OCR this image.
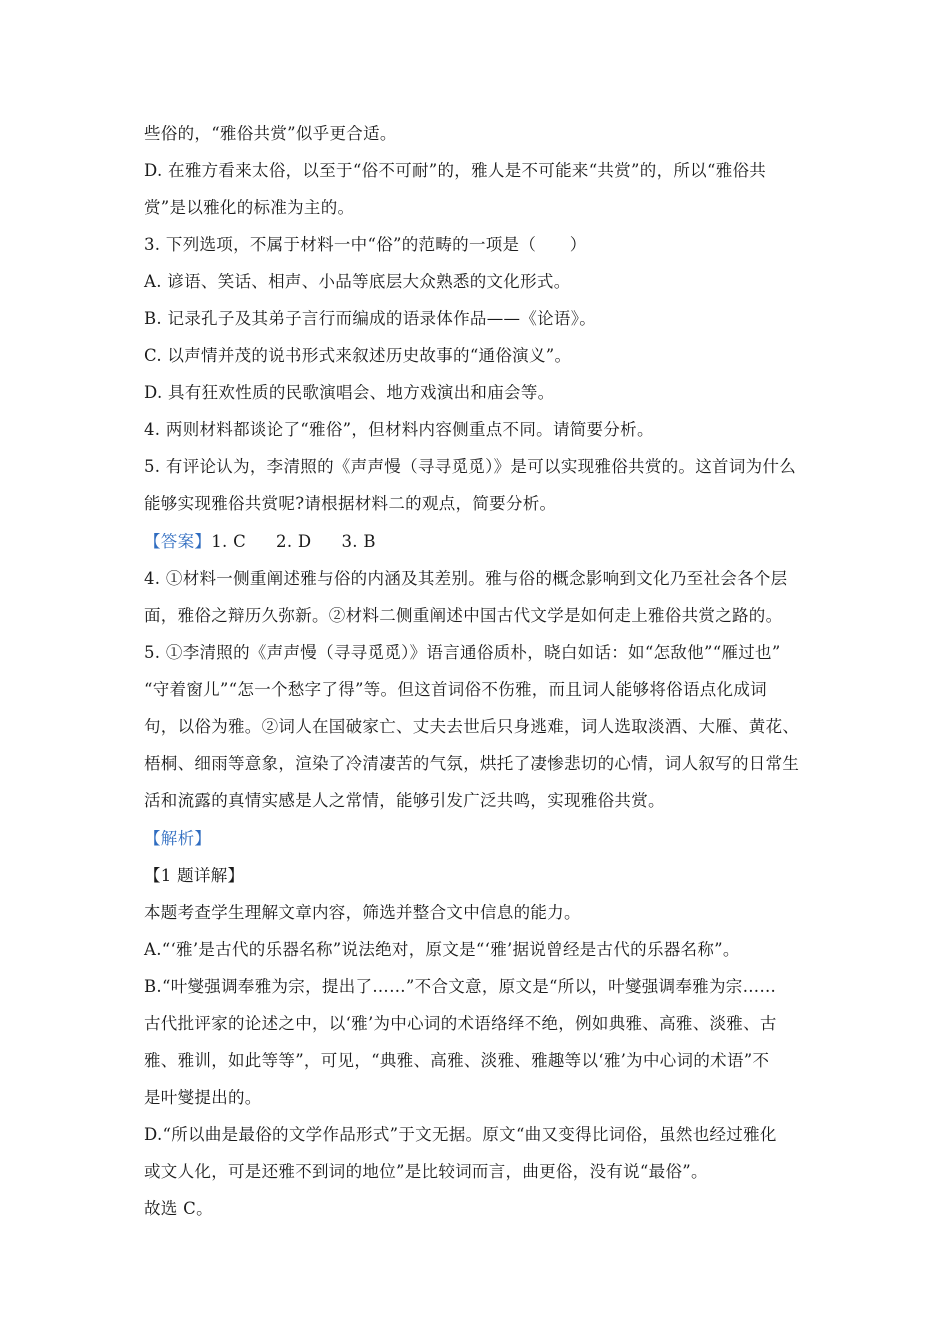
些俗的，“雅俗共赏”似乎更合适。
D. 在雅方看来太俗，以至于“俗不可耐”的，雅人是不可能来“共赏”的，所以“雅俗共
赏”是以雅化的标准为主的。
3. 下列选项，不属于材料一中“俗”的范畴的一项是（　　）
A. 谚语、笑话、相声、小品等底层大众熟悉的文化形式。
B. 记录孔子及其弟子言行而编成的语录体作品——《论语》。
C. 以声情并茂的说书形式来叙述历史故事的“通俗演义”。
D. 具有狂欢性质的民歌演唱会、地方戏演出和庙会等。
4. 两则材料都谈论了“雅俗”，但材料内容侧重点不同。请简要分析。
5. 有评论认为，李清照的《声声慢（寻寻觅觅）》是可以实现雅俗共赏的。这首词为什么
能够实现雅俗共赏呢?请根据材料二的观点，简要分析。
【答案】1. C 2. D 3. B
4. ①材料一侧重阐述雅与俗的内涵及其差别。雅与俗的概念影响到文化乃至社会各个层
面，雅俗之辩历久弥新。②材料二侧重阐述中国古代文学是如何走上雅俗共赏之路的。
5. ①李清照的《声声慢（寻寻觅觅）》语言通俗质朴，晓白如话：如“怎敌他”“雁过也”
“守着窗儿”“怎一个愁字了得”等。但这首词俗不伤雅，而且词人能够将俗语点化成词
句，以俗为雅。②词人在国破家亡、丈夫去世后只身逃难，词人选取淡酒、大雁、黄花、
梧桐、细雨等意象，渲染了冷清凄苦的气氛，烘托了凄惨悲切的心情，词人叙写的日常生
活和流露的真情实感是人之常情，能够引发广泛共鸣，实现雅俗共赏。
【解析】
【1 题详解】
本题考查学生理解文章内容，筛选并整合文中信息的能力。
A.“‘雅’是古代的乐器名称”说法绝对，原文是“‘雅’据说曾经是古代的乐器名称”。
B.“叶燮强调奉雅为宗，提出了……”不合文意，原文是“所以，叶燮强调奉雅为宗……
古代批评家的论述之中，以‘雅’为中心词的术语络绎不绝，例如典雅、高雅、淡雅、古
雅、雅训，如此等等”，可见，“典雅、高雅、淡雅、雅趣等以‘雅’为中心词的术语”不
是叶燮提出的。
D.“所以曲是最俗的文学作品形式”于文无据。原文“曲又变得比词俗，虽然也经过雅化
或文人化，可是还雅不到词的地位”是比较词而言，曲更俗，没有说“最俗”。
故选 C。
